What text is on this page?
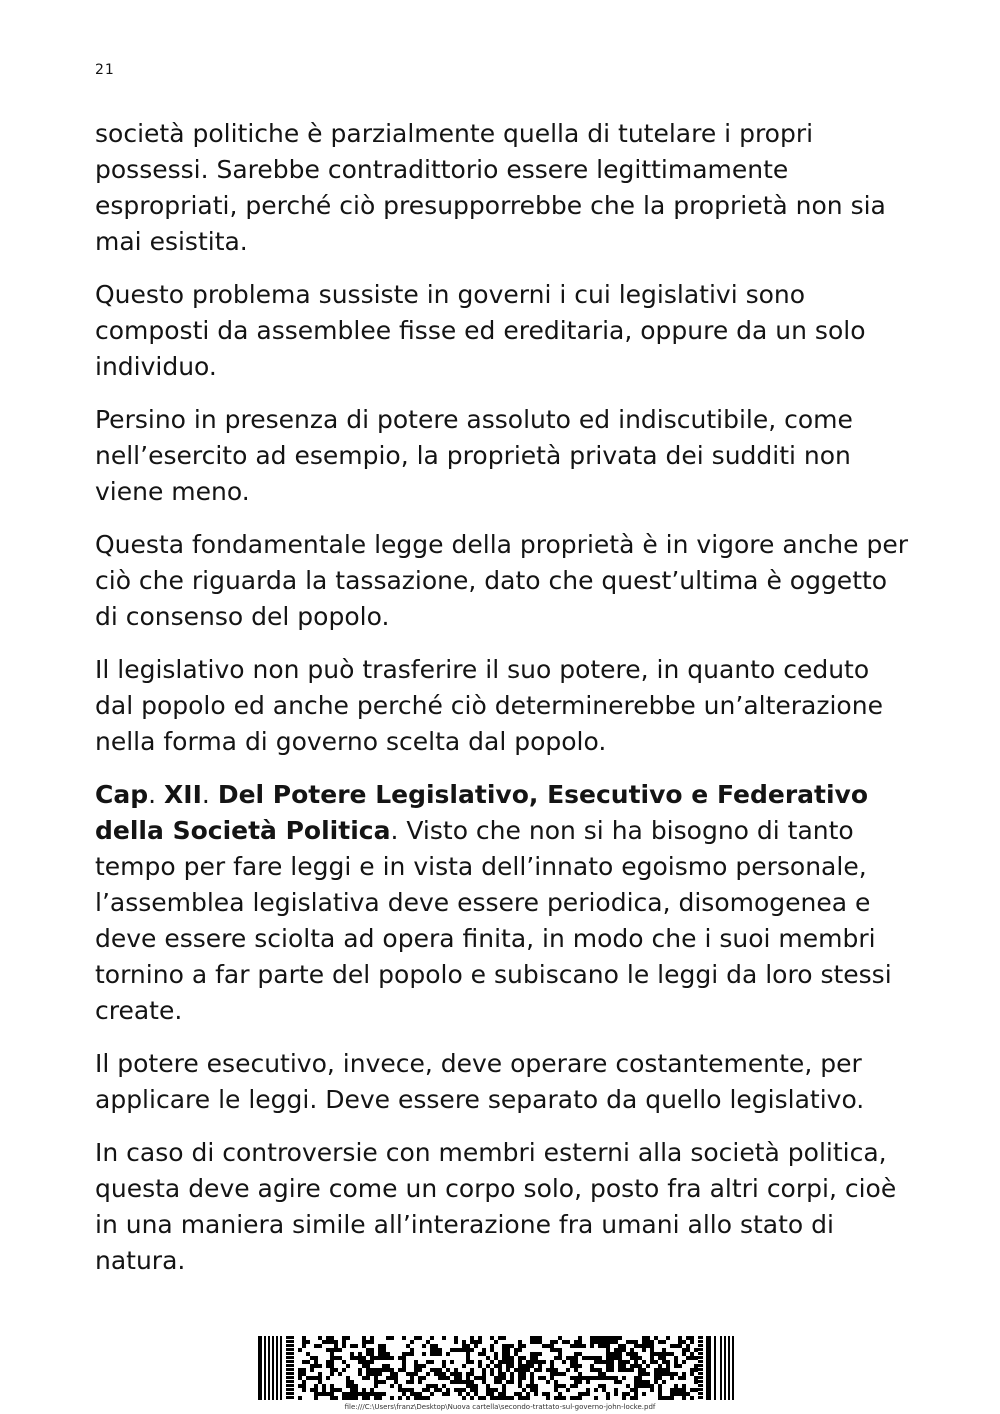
21

società politiche è parzialmente quella di tutelare i propri possessi. Sarebbe contradittorio essere legittimamente espropriati, perché ciò presupporrebbe che la proprietà non sia mai esistita.

Questo problema sussiste in governi i cui legislativi sono composti da assemblee fisse ed ereditaria, oppure da un solo individuo.

Persino in presenza di potere assoluto ed indiscutibile, come nell’esercito ad esempio, la proprietà privata dei sudditi non viene meno.

Questa fondamentale legge della proprietà è in vigore anche per ciò che riguarda la tassazione, dato che quest’ultima è oggetto di consenso del popolo.

Il legislativo non può trasferire il suo potere, in quanto ceduto dal popolo ed anche perché ciò determinerebbe un’alterazione nella forma di governo scelta dal popolo.

Cap. XII. Del Potere Legislativo, Esecutivo e Federativo della Società Politica. Visto che non si ha bisogno di tanto tempo per fare leggi e in vista dell’innato egoismo personale, l’assemblea legislativa deve essere periodica, disomogenea e deve essere sciolta ad opera finita, in modo che i suoi membri tornino a far parte del popolo e subiscano le leggi da loro stessi create.

Il potere esecutivo, invece, deve operare costantemente, per applicare le leggi. Deve essere separato da quello legislativo.

In caso di controversie con membri esterni alla società politica, questa deve agire come un corpo solo, posto fra altri corpi, cioè in una maniera simile all’interazione fra umani allo stato di natura.

file:///C:\Users\franz\Desktop\Nuova cartella\secondo-trattato-sul-governo-john-locke.pdf
